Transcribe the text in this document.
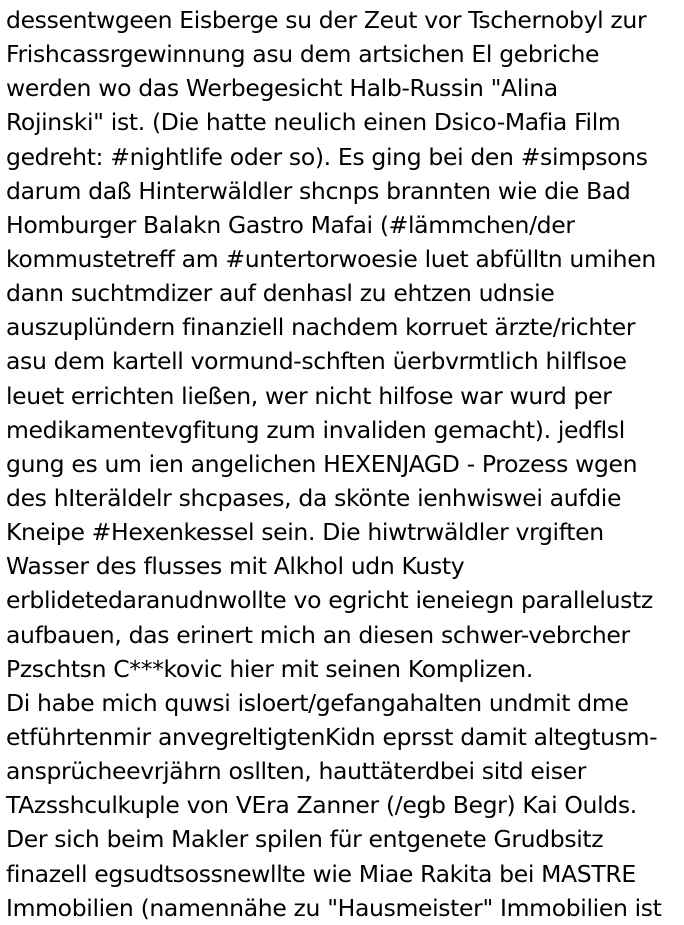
dessentwgeen Eisberge su der Zeut vor Tschernobyl zur
Frishcassrgewinnung asu dem artsichen El gebriche
werden wo das Werbegesicht Halb-Russin "Alina
Rojinski" ist. (Die hatte neulich einen Dsico-Mafia Film
gedreht: #nightlife oder so). Es ging bei den #simpsons
darum daß Hinterwäldler shcnps brannten wie die Bad
Homburger Balakn Gastro Mafai (#lämmchen/der
kommustetreff am #untertorwoesie luet abfülltn umihen
dann suchtmdizer auf denhasl zu ehtzen udnsie
auszuplündern finanziell nachdem korruet ärzte/richter
asu dem kartell vormund-schften üerbvrmtlich hilflsoe
leuet errichten ließen, wer nicht hilfose war wurd per
medikamentevgfitung zum invaliden gemacht). jedflsl
gung es um ien angelichen HEXENJAGD - Prozess wgen
des hIteräldelr shcpases, da skönte ienhwiswei aufdie
Kneipe #Hexenkessel sein. Die hiwtrwäldler vrgiften
Wasser des flusses mit Alkhol udn Kusty
erblidetedaranudnwollte vo egricht ieneiegn parallelustz
aufbauen, das erinert mich an diesen schwer-vebrcher
Pzschtsn C***kovic hier mit seinen Komplizen.
Di habe mich quwsi isloert/gefangahalten undmit dme
etführtenmir anvegreltigtenKidn eprsst damit altegtusm-
ansprücheevrjährn osllten, hauttäterdbei sitd eiser
TAzsshculkuple von VEra Zanner (/egb Begr) Kai Oulds.
Der sich beim Makler spilen für entgenete Grudbsitz
finazell egsudtsossnewllte wie Miae Rakita bei MASTRE
Immobilien (namennähe zu "Hausmeister" Immobilien ist
